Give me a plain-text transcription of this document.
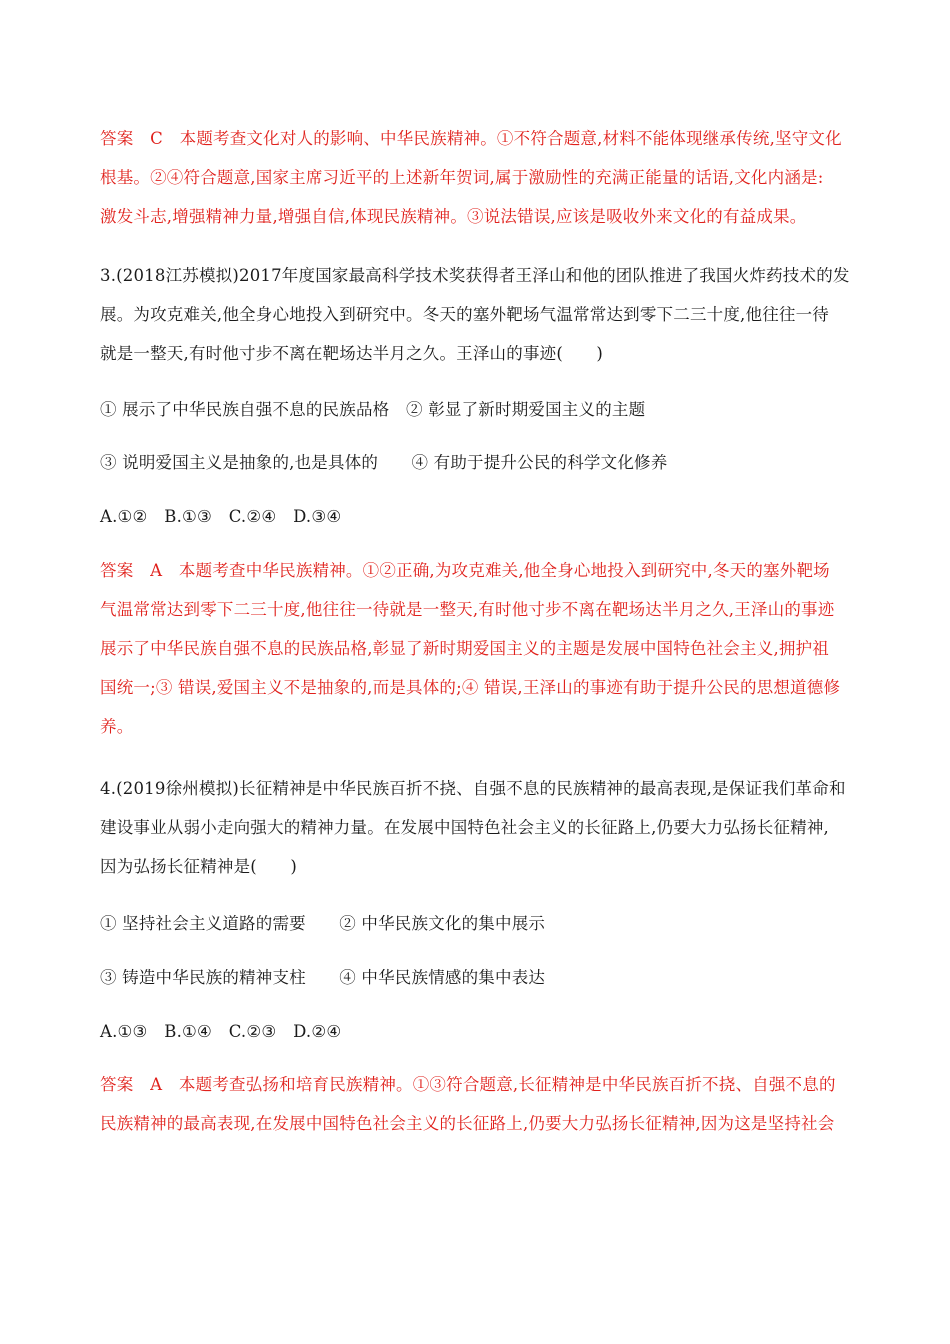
答案　C　本题考查文化对人的影响、中华民族精神。①不符合题意,材料不能体现继承传统,坚守文化
根基。②④符合题意,国家主席习近平的上述新年贺词,属于激励性的充满正能量的话语,文化内涵是:
激发斗志,增强精神力量,增强自信,体现民族精神。③说法错误,应该是吸收外来文化的有益成果。
3.(2018江苏模拟)2017年度国家最高科学技术奖获得者王泽山和他的团队推进了我国火炸药技术的发
展。为攻克难关,他全身心地投入到研究中。冬天的塞外靶场气温常常达到零下二三十度,他往往一待
就是一整天,有时他寸步不离在靶场达半月之久。王泽山的事迹(　　)
① 展示了中华民族自强不息的民族品格　② 彰显了新时期爱国主义的主题
③ 说明爱国主义是抽象的,也是具体的　　④ 有助于提升公民的科学文化修养
A.①②　B.①③　C.②④　D.③④
答案　A　本题考查中华民族精神。①②正确,为攻克难关,他全身心地投入到研究中,冬天的塞外靶场
气温常常达到零下二三十度,他往往一待就是一整天,有时他寸步不离在靶场达半月之久,王泽山的事迹
展示了中华民族自强不息的民族品格,彰显了新时期爱国主义的主题是发展中国特色社会主义,拥护祖
国统一;③ 错误,爱国主义不是抽象的,而是具体的;④ 错误,王泽山的事迹有助于提升公民的思想道德修
养。
4.(2019徐州模拟)长征精神是中华民族百折不挠、自强不息的民族精神的最高表现,是保证我们革命和
建设事业从弱小走向强大的精神力量。在发展中国特色社会主义的长征路上,仍要大力弘扬长征精神,
因为弘扬长征精神是(　　)
① 坚持社会主义道路的需要　　② 中华民族文化的集中展示
③ 铸造中华民族的精神支柱　　④ 中华民族情感的集中表达
A.①③　B.①④　C.②③　D.②④
答案　A　本题考查弘扬和培育民族精神。①③符合题意,长征精神是中华民族百折不挠、自强不息的
民族精神的最高表现,在发展中国特色社会主义的长征路上,仍要大力弘扬长征精神,因为这是坚持社会
